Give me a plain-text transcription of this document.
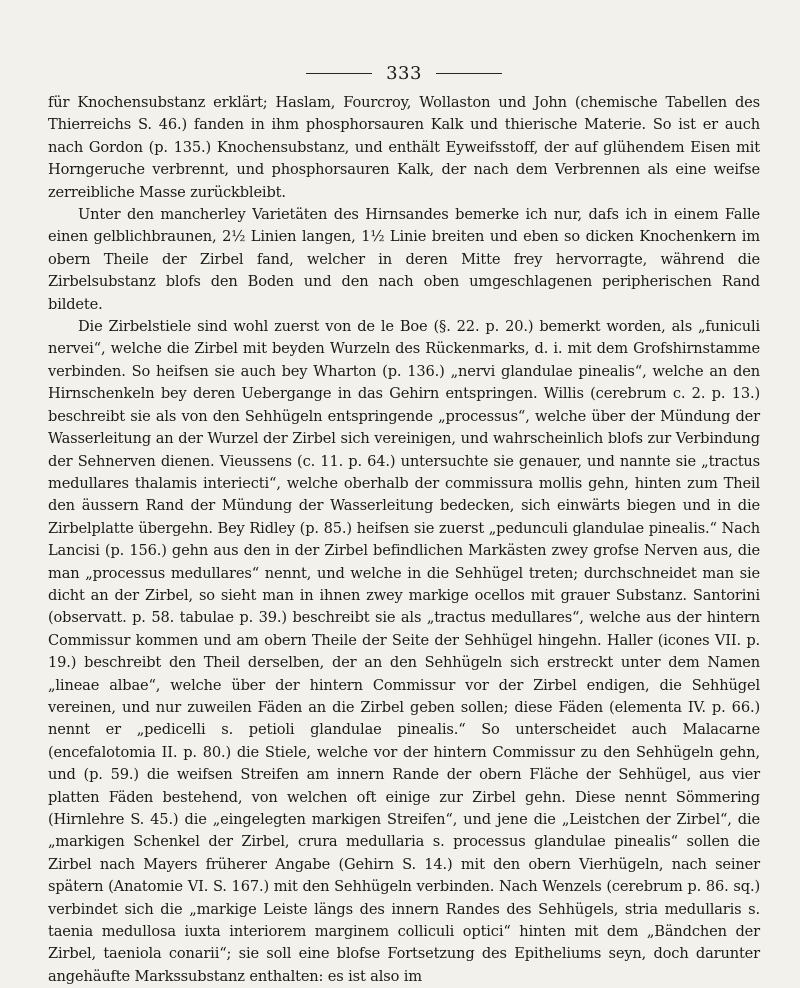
333

für Knochensubstanz erklärt; Haslam, Fourcroy, Wollaston und John (chemische Tabellen des Thierreichs S. 46.) fanden in ihm phosphorsauren Kalk und thierische Materie. So ist er auch nach Gordon (p. 135.) Knochensubstanz, und enthält Eyweifsstoff, der auf glühendem Eisen mit Horngeruche verbrennt, und phosphorsauren Kalk, der nach dem Verbrennen als eine weifse zerreibliche Masse zurückbleibt.

Unter den mancherley Varietäten des Hirnsandes bemerke ich nur, dafs ich in einem Falle einen gelblichbraunen, 2½ Linien langen, 1½ Linie breiten und eben so dicken Knochenkern im obern Theile der Zirbel fand, welcher in deren Mitte frey hervorragte, während die Zirbelsubstanz blofs den Boden und den nach oben umgeschlagenen peripherischen Rand bildete.

Die Zirbelstiele sind wohl zuerst von de le Boe (§. 22. p. 20.) bemerkt worden, als „funiculi nervei“, welche die Zirbel mit beyden Wurzeln des Rückenmarks, d. i. mit dem Grofshirnstamme verbinden. So heifsen sie auch bey Wharton (p. 136.) „nervi glandulae pinealis“, welche an den Hirnschenkeln bey deren Uebergange in das Gehirn entspringen. Willis (cerebrum c. 2. p. 13.) beschreibt sie als von den Sehhügeln entspringende „processus“, welche über der Mündung der Wasserleitung an der Wurzel der Zirbel sich vereinigen, und wahrscheinlich blofs zur Verbindung der Sehnerven dienen. Vieussens (c. 11. p. 64.) untersuchte sie genauer, und nannte sie „tractus medullares thalamis interiecti“, welche oberhalb der commissura mollis gehn, hinten zum Theil den äussern Rand der Mündung der Wasserleitung bedecken, sich einwärts biegen und in die Zirbelplatte übergehn. Bey Ridley (p. 85.) heifsen sie zuerst „pedunculi glandulae pinealis.“ Nach Lancisi (p. 156.) gehn aus den in der Zirbel befindlichen Markästen zwey grofse Nerven aus, die man „processus medullares“ nennt, und welche in die Sehhügel treten; durchschneidet man sie dicht an der Zirbel, so sieht man in ihnen zwey markige ocellos mit grauer Substanz. Santorini (observatt. p. 58. tabulae p. 39.) beschreibt sie als „tractus medullares“, welche aus der hintern Commissur kommen und am obern Theile der Seite der Sehhügel hingehn. Haller (icones VII. p. 19.) beschreibt den Theil derselben, der an den Sehhügeln sich erstreckt unter dem Namen „lineae albae“, welche über der hintern Commissur vor der Zirbel endigen, die Sehhügel vereinen, und nur zuweilen Fäden an die Zirbel geben sollen; diese Fäden (elementa IV. p. 66.) nennt er „pedicelli s. petioli glandulae pinealis.“ So unterscheidet auch Malacarne (encefalotomia II. p. 80.) die Stiele, welche vor der hintern Commissur zu den Sehhügeln gehn, und (p. 59.) die weifsen Streifen am innern Rande der obern Fläche der Sehhügel, aus vier platten Fäden bestehend, von welchen oft einige zur Zirbel gehn. Diese nennt Sömmering (Hirnlehre S. 45.) die „eingelegten markigen Streifen“, und jene die „Leistchen der Zirbel“, die „markigen Schenkel der Zirbel, crura medullaria s. processus glandulae pinealis“ sollen die Zirbel nach Mayers früherer Angabe (Gehirn S. 14.) mit den obern Vierhügeln, nach seiner spätern (Anatomie VI. S. 167.) mit den Sehhügeln verbinden. Nach Wenzels (cerebrum p. 86. sq.) verbindet sich die „markige Leiste längs des innern Randes des Sehhügels, stria medullaris s. taenia medullosa iuxta interiorem marginem colliculi optici“ hinten mit dem „Bändchen der Zirbel, taeniola conarii“; sie soll eine blofse Fortsetzung des Epitheliums seyn, doch darunter angehäufte Markssubstanz enthalten: es ist also im
